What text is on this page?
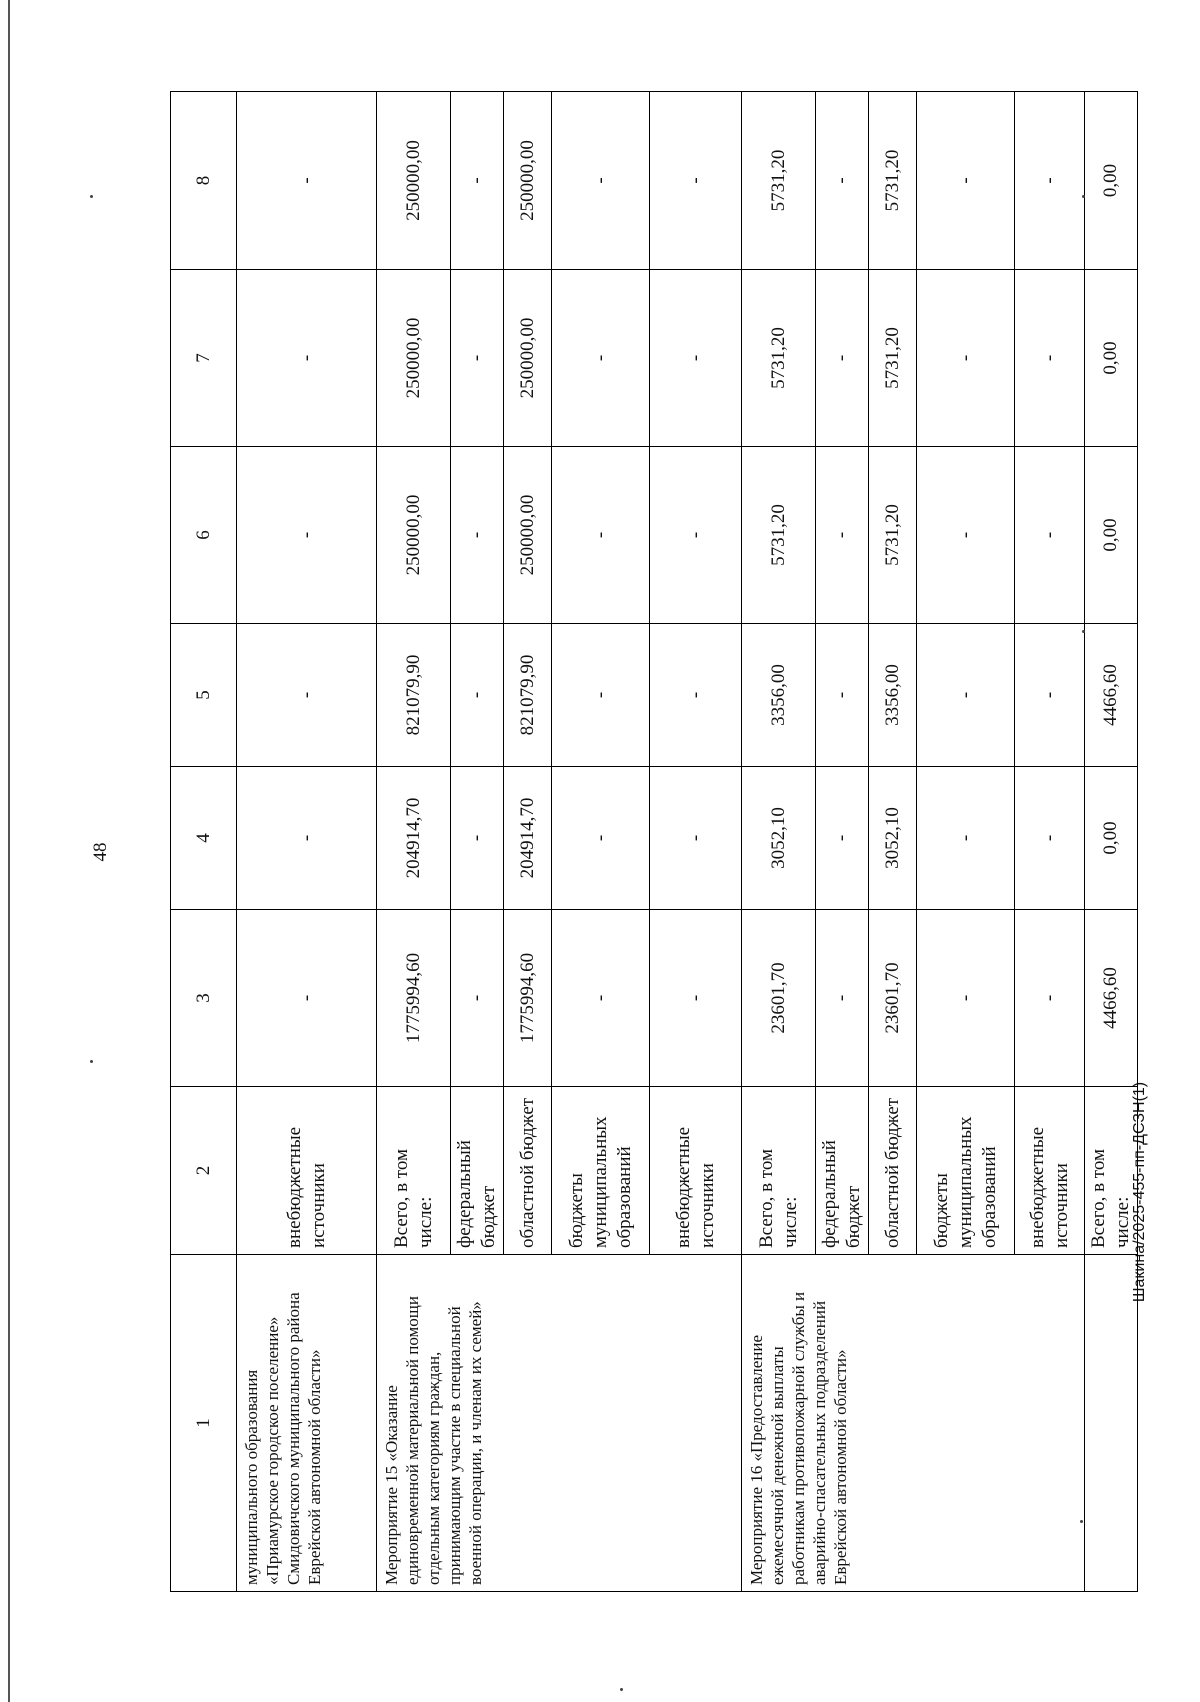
48
Шакина/2025-455-пп-ДСЗН(1)
1	2	3	4	5	6	7	8
муниципального образования «Приамурское городское поселение» Смидовичского муниципального района Еврейской автономной области»	внебюджетные источники	-	-	-	-	-	-
Мероприятие 15 «Оказание единовременной материальной помощи отдельным категориям граждан, принимающим участие в специальной военной операции, и членам их семей»	Всего, в том числе:	1775994,60	204914,70	821079,90	250000,00	250000,00	250000,00
	федеральный бюджет	-	-	-	-	-	-
	областной бюджет	1775994,60	204914,70	821079,90	250000,00	250000,00	250000,00
	бюджеты муниципальных образований	-	-	-	-	-	-
	внебюджетные источники	-	-	-	-	-	-
Мероприятие 16 «Предоставление ежемесячной денежной выплаты работникам противопожарной службы и аварийно-спасательных подразделений Еврейской автономной области»	Всего, в том числе:	23601,70	3052,10	3356,00	5731,20	5731,20	5731,20
	федеральный бюджет	-	-	-	-	-	-
	областной бюджет	23601,70	3052,10	3356,00	5731,20	5731,20	5731,20
	бюджеты муниципальных образований	-	-	-	-	-	-
	внебюджетные источники	-	-	-	-	-	-
	Всего, в том числе:	4466,60	0,00	4466,60	0,00	0,00	0,00
